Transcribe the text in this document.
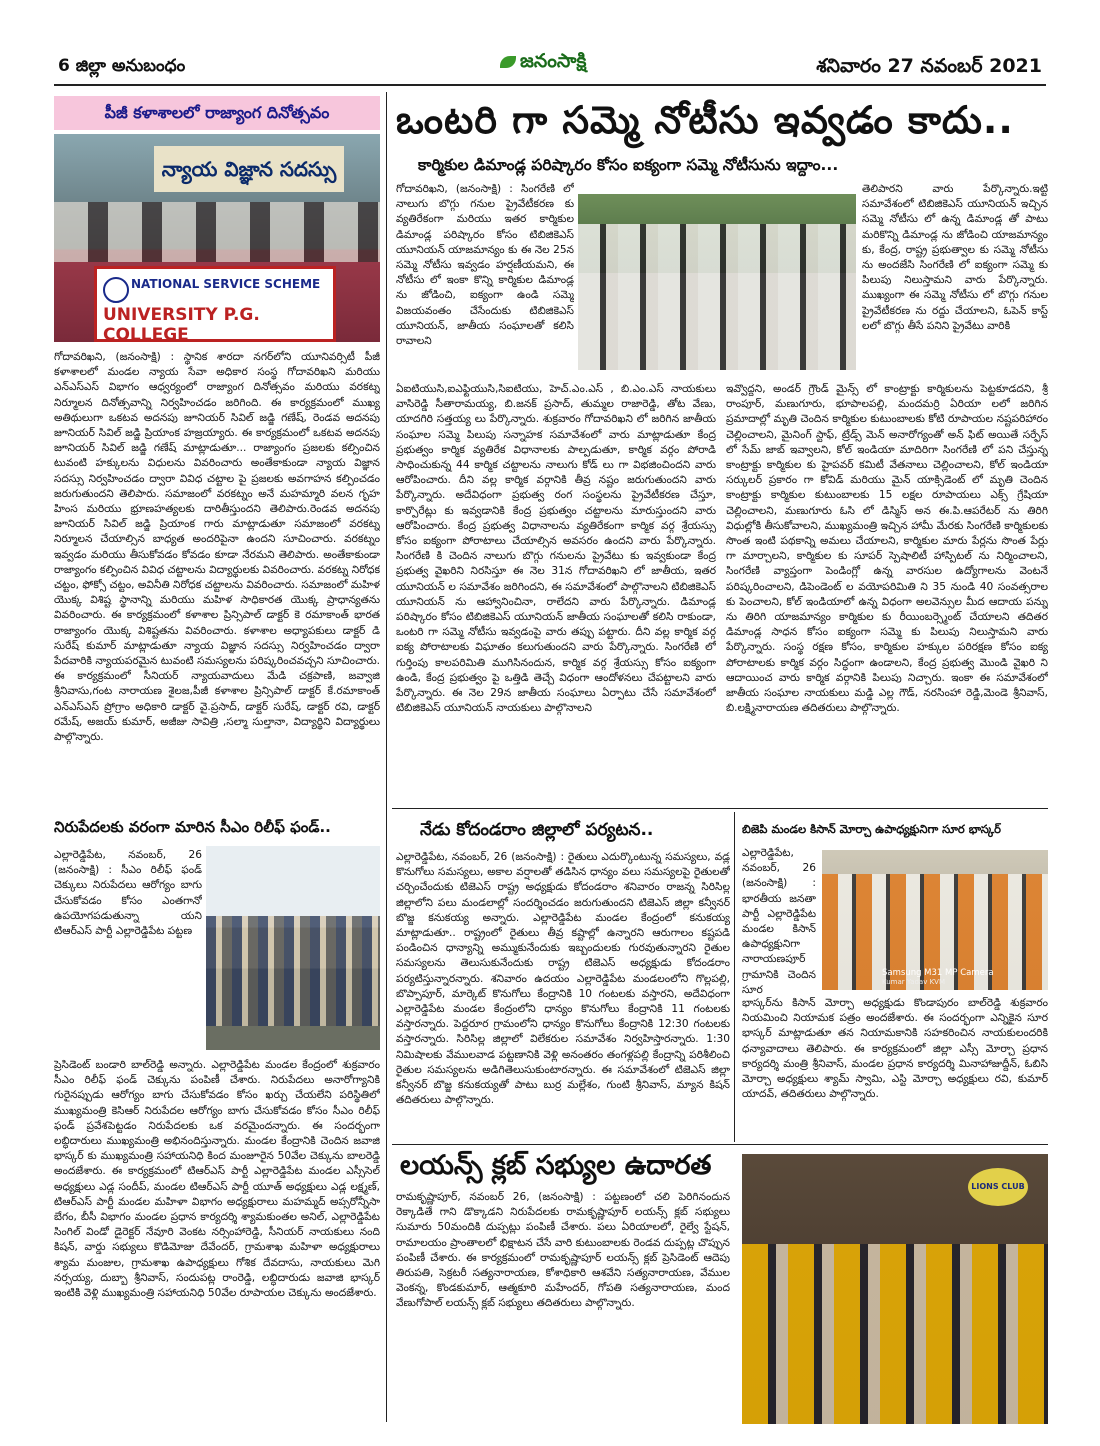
6 జిల్లా అనుబంధం	జనంసాక్షి	శనివారం 27 నవంబర్ 2021
పీజీ కళాశాలలో రాజ్యాంగ దినోత్సవం
న్యాయ విజ్ఞాన సదస్సు
NATIONAL SERVICE SCHEME
UNIVERSITY P.G. COLLEGE
గోదావరిఖని, (జనంసాక్షి) : స్థానిక శారదా నగర్‌లోని యూనివర్సిటీ పీజీ కళాశాలలో మండల న్యాయ సేవా అధికార సంస్థ గోదావరిఖని మరియు ఎన్ఎస్ఎస్ విభాగం ఆధ్వర్యంలో రాజ్యాంగ దినోత్సవం మరియు వరకట్న నిర్మూలన దినోత్సవాన్ని నిర్వహించడం జరిగింది. ఈ కార్యక్రమంలో ముఖ్య అతిథులుగా ఒకటవ అదనపు జూనియర్ సివిల్ జడ్జి గణేష్, రెండవ అదనపు జూనియర్ సివిల్ జడ్జి ప్రియాంక హజ్రయ్యారు. ఈ కార్యక్రమంలో ఒకటవ అదనపు జూనియర్ సివిల్ జడ్జి గణేష్ మాట్లాడుతూ... రాజ్యాంగం ప్రజలకు కల్పించిన టువంటి హక్కులను విధులను వివరించారు అంతేకాకుండా న్యాయ విజ్ఞాన సదస్సు నిర్వహించడం ద్వారా వివిధ చట్టాల పై ప్రజలకు అవగాహన కల్పించడం జరుగుతుందని తెలిపారు. సమాజంలో వరకట్నం అనే మహమ్మారి వలన గృహ హింస మరియు భ్రూణహత్యలకు దారితీస్తుందని తెలిపారు.రెండవ అదనపు జూనియర్ సివిల్ జడ్జి ప్రియాంక గారు మాట్లాడుతూ సమాజంలో వరకట్న నిర్మూలన చేయాల్సిన బాధ్యత అందరిపైనా ఉందని సూచించారు. వరకట్నం ఇవ్వడం మరియు తీసుకోవడం కోవడం కూడా నేరమని తెలిపారు. అంతేకాకుండా రాజ్యాంగం కల్పించిన వివిధ చట్టాలను విద్యార్థులకు వివరించారు. వరకట్న నిరోధక చట్టం, ఫోక్సో చట్టం, అవినీతి నిరోధక చట్టాలను వివరించారు. సమాజంలో మహిళ యొక్క విశిష్ట స్థానాన్ని మరియు మహిళ సాధికారత యొక్క ప్రాధాన్యతను వివరించారు. ఈ కార్యక్రమంలో కళాశాల ప్రిన్సిపాల్ డాక్టర్ కె రమాకాంత్ భారత రాజ్యాంగం యొక్క విశిష్టతను వివరించారు. కళాశాల అధ్యాపకులు డాక్టర్ డి సురేష్ కుమార్ మాట్లాడుతూ న్యాయ విజ్ఞాన సదస్సు నిర్వహించడం ద్వారా పేదవారికి న్యాయపరమైన టువంటి సమస్యలను పరిష్కరించవచ్చని సూచించారు. ఈ కార్యక్రమంలో సీనియర్ న్యాయవాదులు మేడి చక్రపాణి, జవ్వాజి శ్రీనివాసు,గంట నారాయణ శైలజ,పీజీ కళాశాల ప్రిన్సిపాల్ డాక్టర్ కే.రమాకాంత్ ఎన్ఎస్ఎస్ ప్రోగ్రాం అధికారి డాక్టర్ వై.ప్రసాద్, డాక్టర్ సురేష్, డాక్టర్ రవి, డాక్టర్ రమేష్, అజయ్ కుమార్, అజీజు సావిత్రి ,సల్మా సుల్తానా, విద్యార్థిని విద్యార్థులు పాల్గొన్నారు.
నిరుపేదలకు వరంగా మారిన సీఎం రిలీఫ్ ఫండ్..
ఎల్లారెడ్డిపేట, నవంబర్, 26 (జనంసాక్షి) : సీఎం రిలీఫ్ ఫండ్ చెక్కులు నిరుపేదలు ఆరోగ్యం బాగు చేసుకోవడం కోసం ఎంతగానో ఉపయోగపడుతున్నా యని టిఆర్ఎస్ పార్టీ ఎల్లారెడ్డిపేట పట్టణ
ప్రెసిడెంట్ బండారి బాల్‌రెడ్డి అన్నారు. ఎల్లారెడ్డిపేట మండల కేంద్రంలో శుక్రవారం సీఎం రిలీఫ్ ఫండ్ చెక్కును పంపిణీ చేశారు. నిరుపేదలు అనారోగ్యానికి గురైనప్పుడు ఆరోగ్యం బాగు చేసుకోవడం కోసం ఖర్చు చేయలేని పరిస్థితిలో ముఖ్యమంత్రి కెసిఆర్ నిరుపేదల ఆరోగ్యం బాగు చేసుకోవడం కోసం సీఎం రిలీఫ్ ఫండ్ ప్రవేశపెట్టడం నిరుపేదలకు ఒక వరమైందన్నారు. ఈ సందర్భంగా లబ్ధిదారులు ముఖ్యమంత్రి అభినందిస్తున్నారు. మండల కేంద్రానికి చెందిన జవాజి భాస్కర్ కు ముఖ్యమంత్రి సహాయనిధి కింద మంజూరైన 50వేల చెక్కును బాలరెడ్డి అందజేశారు. ఈ కార్యక్రమంలో టిఆర్ఎస్ పార్టీ ఎల్లారెడ్డిపేట మండల ఎస్సీసెల్ అధ్యక్షులు ఎడ్ల సందీప్, మండల టిఆర్ఎస్ పార్టీ యూత్ అధ్యక్షులు ఎడ్ల లక్ష్మణ్, టిఆర్ఎస్ పార్టీ మండల మహిళా విభాగం అధ్యక్షురాలు మహమ్మద్ అప్సరోన్నీసా బేగం, బీసీ విభాగం మండల ప్రధాన కార్యదర్శి శ్యామకుంతల అనిల్, ఎల్లారెడ్డిపేట సింగిల్ విండో డైరెక్టర్ నేవూరి వెంకట నర్సింహారెడ్డి, సీనియర్ నాయకులు నంది కిషన్, వార్డు సభ్యులు కొడిమోజు దేవేందర్, గ్రామశాఖ మహిళా అధ్యక్షురాలు శ్యామ మంజుల, గ్రామశాఖ ఉపాధ్యక్షులు గోశిక దేవదాసు, నాయకులు మెగి నర్సయ్య, దుబ్బా శ్రీనివాస్, సందుపట్ల రాంరెడ్డి, లబ్ధిదారుడు జవాజి భాస్కర్ ఇంటికి వెళ్లి ముఖ్యమంత్రి సహాయనిధి 50వేల రూపాయల చెక్కును అందజేశారు.
ఒంటరి గా సమ్మె నోటీసు ఇవ్వడం కాదు..
కార్మికుల డిమాండ్ల పరిష్కారం కోసం ఐక్యంగా సమ్మె నోటీసును ఇద్దాం...
గోదావరిఖని, (జనంసాక్షి) : సింగరేణి లో నాలుగు బొగ్గు గనుల ప్రైవేటీకరణ కు వ్యతిరేకంగా మరియు ఇతర కార్మికుల డిమాండ్ల పరిష్కారం కోసం టిబిజికెఎస్ యూనియన్ యాజమాన్యం కు ఈ నెల 25న సమ్మె నోటీసు ఇవ్వడం హర్షణీయమని, ఈ నోటీసు లో ఇంకా కొన్ని కార్మికుల డిమాండ్ల ను జోడించి, ఐక్యంగా ఉండి సమ్మె విజయవంతం చేసేందుకు టిబిజికెఎస్ యూనియన్, జాతీయ సంఘాలతో కలిసి రావాలని
తెలిపారని వారు పేర్కొన్నారు.ఇట్టి సమావేశంలో టిబిజికెఎస్ యూనియన్ ఇచ్చిన సమ్మె నోటీసు లో ఉన్న డిమాండ్ల తో పాటు మరికొన్ని డిమాండ్ల ను జోడించి యాజమాన్యం కు, కేంద్ర, రాష్ట్ర ప్రభుత్వాల కు సమ్మె నోటీసు ను అందజేసి సింగరేణి లో ఐక్యంగా సమ్మె కు పిలుపు నిలుస్తామని వారు పేర్కొన్నారు. ముఖ్యంగా ఈ సమ్మె నోటీసు లో బొగ్గు గనుల ప్రైవేటీకరణ ను రద్దు చేయాలని, ఓపెన్ కాస్ట్ లలో బొగ్గు తీసే పనిని ప్రైవేటు వారికి
ఏఐటియుసి,ఐఎఫ్టియుసి,సిఐటియు, హెచ్.ఎం.ఎస్ , బి.ఎం.ఎస్ నాయకులు వాసిరెడ్డి సీతారామయ్య, బి.జనక్ ప్రసాద్, తుమ్మల రాజారెడ్డి, తోట వేణు, యాదగిరి సత్తయ్య లు పేర్కొన్నారు. శుక్రవారం గోదావరిఖని లో జరిగిన జాతీయ సంఘాల సమ్మె పిలుపు సన్నాహక సమావేశంలో వారు మాట్లాడుతూ కేంద్ర ప్రభుత్వం కార్మిక వ్యతిరేక విధానాలకు పాల్పడుతూ, కార్మిక వర్గం పోరాడి సాధించుకున్న 44 కార్మిక చట్టాలను నాలుగు కోడ్ లు గా విభజించిందని వారు ఆరోపించారు. దీని వల్ల కార్మిక వర్గానికి తీవ్ర నష్టం జరుగుతుందని వారు పేర్కొన్నారు. అదేవిధంగా ప్రభుత్వ రంగ సంస్థలను ప్రైవేటీకరణ చేస్తూ, కార్పొరేట్లు కు ఇవ్వడానికి కేంద్ర ప్రభుత్వం చట్టాలను మారుస్తుందని వారు ఆరోపించారు. కేంద్ర ప్రభుత్వ విధానాలను వ్యతిరేకంగా కార్మిక వర్గ శ్రేయస్సు కోసం ఐక్యంగా పోరాటాలు చేయాల్సిన అవసరం ఉందని వారు పేర్కొన్నారు. సింగరేణి కి చెందిన నాలుగు బొగ్గు గనులను ప్రైవేటు కు ఇవ్వకుండా కేంద్ర ప్రభుత్వ వైఖరిని నిరసిస్తూ ఈ నెల 31న గోదావరిఖని లో జాతీయ, ఇతర యూనియన్ ల సమావేశం జరిగిందని, ఈ సమావేశంలో పాల్గొనాలని టిబిజికెఎస్ యూనియన్ ను ఆహ్వానించినా, రాలేదని వారు పేర్కొన్నారు. డిమాండ్ల పరిష్కారం కోసం టిబిజికెఎస్ యూనియన్ జాతీయ సంఘాలతో కలిసి రాకుండా, ఒంటరి గా సమ్మె నోటీసు ఇవ్వడంపై వారు తప్పు పట్టారు. దీని వల్ల కార్మిక వర్గ ఐక్య పోరాటాలకు విఘాతం కలుగుతుందని వారు పేర్కొన్నారు. సింగరేణి లో గుర్తింపు కాలపరిమితి ముగిసినందున, కార్మిక వర్గ శ్రేయస్సు కోసం ఐక్యంగా ఉండి, కేంద్ర ప్రభుత్వం పై ఒత్తిడి తెచ్చే విధంగా ఆందోళనలు చేపట్టాలని వారు పేర్కొన్నారు. ఈ నెల 29న జాతీయ సంఘాలు ఏర్పాటు చేసే సమావేశంలో టిబిజికెఎస్ యూనియన్ నాయకులు పాల్గొనాలని
ఇవ్వొద్దని, అండర్ గ్రౌండ్ మైన్స్ లో కాంట్రాక్టు కార్మికులను పెట్టకూడదని, శ్రీ రాంపూర్, మణుగూరు, భూపాలపల్లి, మందమర్రి ఏరియా లలో జరిగిన ప్రమాదాల్లో మృతి చెందిన కార్మికుల కుటుంబాలకు కోటి రూపాయల నష్టపరిహారం చెల్లించాలని, మైనింగ్ స్టాఫ్, ట్రేడ్స్ మెన్ అనారోగ్యంతో అన్ ఫిట్ అయితే సర్ఫేస్ లో సేమ్ జాబ్ ఇవ్వాలని, కోల్ ఇండియా మాదిరిగా సింగరేణి లో పని చేస్తున్న కాంట్రాక్టు కార్మికుల కు హైపవర్ కమిటీ వేతనాలు చెల్లించాలని, కోల్ ఇండియా సర్కులర్ ప్రకారం గా కోవిడ్ మరియు మైన్ యాక్సిడెంట్ లో మృతి చెందిన కాంట్రాక్టు కార్మికుల కుటుంబాలకు 15 లక్షల రూపాయలు ఎక్స్ గ్రేషియా చెల్లించాలని, మణుగూరు ఓసి లో డిస్మిస్ అన ఈ.పి.ఆపరేటర్ ను తిరిగి విధుల్లోకి తీసుకోవాలని, ముఖ్యమంత్రి ఇచ్చిన హామీ మేరకు సింగరేణి కార్మికులకు సొంత ఇంటి పథకాన్ని అమలు చేయాలని, కార్మికుల మారు పేర్లను సొంత పేర్లు గా మార్చాలని, కార్మికుల కు సూపర్ స్పెషాలిటీ హాస్పిటల్ ను నిర్మించాలని, సింగరేణి వ్యాప్తంగా పెండింగ్లో ఉన్న వారసుల ఉద్యోగాలను వెంటనే పరిష్కరించాలని, డిపెండెంట్ ల వయోపరిమితి ని 35 నుండి 40 సంవత్సరాల కు పెంచాలని, కోల్ ఇండియాలో ఉన్న విధంగా అలవెన్సుల మీద ఆదాయ పన్ను ను తిరిగి యాజమాన్యం కార్మికుల కు రీయింబర్స్మెంట్ చేయాలని తదితర డిమాండ్ల సాధన కోసం ఐక్యంగా సమ్మె కు పిలుపు నిలుస్తామని వారు పేర్కొన్నారు. సంస్థ రక్షణ కోసం, కార్మికుల హక్కుల పరిరక్షణ కోసం ఐక్య పోరాటాలకు కార్మిక వర్గం సిద్ధంగా ఉండాలని, కేంద్ర ప్రభుత్వ మొండి వైఖరి ని ఆదాయించ వారు కార్మిక వర్గానికి పిలుపు నిచ్చారు. ఇంకా ఈ సమావేశంలో జాతీయ సంఘాల నాయకులు మడ్డి ఎల్ల గౌడ్, నరసింహా రెడ్డి,మెండె శ్రీనివాస్, బి.లక్ష్మినారాయణ తదితరులు పాల్గొన్నారు.
నేడు కోదండరాం జిల్లాలో పర్యటన..
ఎల్లారెడ్డిపేట, నవంబర్, 26 (జనంసాక్షి) : రైతులు ఎదుర్కొంటున్న సమస్యలు, వడ్ల కొనుగోలు సమస్యలు, అకాల వర్షాలతో తడిసిన ధాన్యం వలు సమస్యలపై రైతులతో చర్చించేందుకు టిజెఎస్ రాష్ట్ర అధ్యక్షుడు కోదండరాం శనివారం రాజన్న సిరిసిల్ల జిల్లాలోని పలు మండలాల్లో సందర్శించడం జరుగుతుందని టిజెఎస్ జిల్లా కన్వీనర్ బొజ్జ కనుకయ్య అన్నారు. ఎల్లారెడ్డిపేట మండల కేంద్రంలో కనుకయ్య మాట్లాడుతూ.. రాష్ట్రంలో రైతులు తీవ్ర కష్టాల్లో ఉన్నారని ఆరుగాలం కష్టపడి పండించిన ధాన్యాన్ని అమ్ముకునేందుకు ఇబ్బందులకు గురవుతున్నారని రైతుల సమస్యలను తెలుసుకునేందుకు రాష్ట్ర టిజెఎస్ అధ్యక్షుడు కోదండరాం పర్యటిస్తున్నారన్నారు. శనివారం ఉదయం ఎల్లారెడ్డిపేట మండలంలోని గొల్లపల్లి, బొప్పాపూర్, మార్కెట్ కొనుగోలు కేంద్రానికి 10 గంటలకు వస్తారని, అదేవిధంగా ఎల్లారెడ్డిపేట మండల కేంద్రంలోని ధాన్యం కొనుగోలు కేంద్రానికి 11 గంటలకు వస్తారన్నారు. పెద్దరూర గ్రామంలోని ధాన్యం కొనుగోలు కేంద్రానికి 12:30 గంటలకు వస్తారన్నారు. సిరిసిల్ల జిల్లాలో విలేకరుల సమావేశం నిర్వహిస్తారన్నారు. 1:30 నిమిషాలకు వేములవాడ పట్టణానికి వెళ్లి అనంతరం తంగళ్లపల్లి కేంద్రాన్ని పరిశీలించి రైతుల సమస్యలను అడిగితెలుసుకుంటారన్నారు. ఈ సమావేశంలో టిజెఎస్ జిల్లా కన్వీనర్ బొజ్జ కనుకయ్యతో పాటు బుర్ర మల్లేశం, గుంటి శ్రీనివాస్, మ్యాన కిషన్ తదితరులు పాల్గొన్నారు.
బిజెపి మండల కిసాన్ మోర్చా ఉపాధ్యక్షునిగా సూర భాస్కర్
ఎల్లారెడ్డిపేట, నవంబర్, 26 (జనంసాక్షి) : భారతీయ జనతా పార్టీ ఎల్లారెడ్డిపేట మండల కిసాన్ ఉపాధ్యక్షునిగా నారాయణపూర్ గ్రామానికి చెందిన సూర
Samsung M31 MP Camera
Kumar Yadav KVM
భాస్కర్‌ను కిసాన్ మోర్చా అధ్యక్షుడు కొండాపురం బాల్‌రెడ్డి శుక్రవారం నియమించి నియామక పత్రం అందజేశారు. ఈ సందర్భంగా ఎన్నికైన సూర భాస్కర్ మాట్లాడుతూ తన నియామకానికి సహకరించిన నాయకులందరికి ధన్యావాదాలు తెలిపారు. ఈ కార్యక్రమంలో జిల్లా ఎస్సీ మోర్చా ప్రధాన కార్యదర్శి మంత్రి శ్రీనివాస్, మండల ప్రధాన కార్యదర్శి మినాహాజుద్దీన్, ఓబిసి మోర్చా అధ్యక్షులు శ్యామ్ స్వామి, ఎస్టి మోర్చా అధ్యక్షులు రవి, కుమార్ యాదవ్, తదితరులు పాల్గొన్నారు.
లయన్స్ క్లబ్ సభ్యుల ఉదారత
రామకృష్ణాపూర్, నవంబర్ 26, (జనంసాక్షి) : పట్టణంలో చలి పెరిగినందున రెక్కాడితే గాని డొక్కాడని నిరుపేదలకు రామకృష్ణాపూర్ లయన్స్ క్లబ్ సభ్యులు సుమారు 50మందికి దుప్పట్లు పంపిణీ చేశారు. పలు ఏరియాలలో, రైల్వే స్టేషన్, రామాలయం ప్రాంతాలలో భిక్షాటన చేసే వారి కుటుంబాలకు రెండవ దుప్పట్ల చొప్పున పంపిణీ చేశారు. ఈ కార్యక్రమంలో రామకృష్ణాపూర్ లయన్స్ క్లబ్ ప్రెసిడెంట్ ఆదెపు తిరుపతి, సెక్రటరీ సత్యనారాయణ, కోశాధికారి ఆశవేని సత్యనారాయణ, వేముల వెంకన్న, కొండకుమార్, ఆత్మకూరి మహేందర్, గోపతి సత్యనారాయణ, మంద వేణుగోపాల్ లయన్స్ క్లబ్ సభ్యులు తదితరులు పాల్గొన్నారు.
LIONS CLUB
